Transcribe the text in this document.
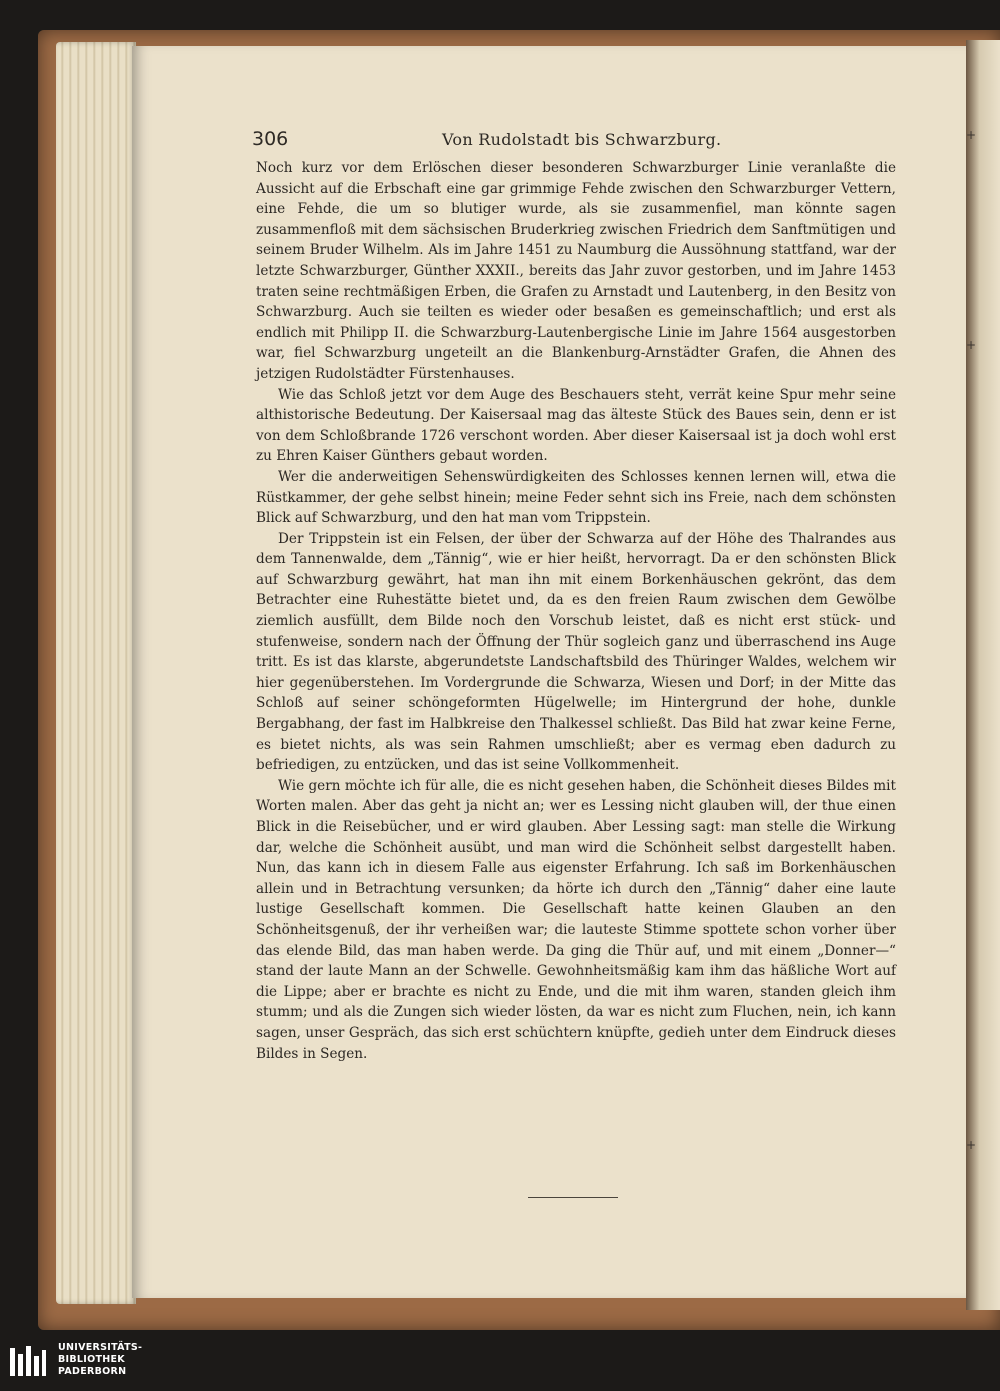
+
+
+
306	Von Rudolstadt bis Schwarzburg.

Noch kurz vor dem Erlöschen dieser besonderen Schwarzburger Linie veranlaßte die Aussicht auf die Erbschaft eine gar grimmige Fehde zwischen den Schwarzburger Vettern, eine Fehde, die um so blutiger wurde, als sie zusammenfiel, man könnte sagen zusammenfloß mit dem sächsischen Bruderkrieg zwischen Friedrich dem Sanftmütigen und seinem Bruder Wilhelm. Als im Jahre 1451 zu Naumburg die Aussöhnung stattfand, war der letzte Schwarzburger, Günther XXXII., bereits das Jahr zuvor gestorben, und im Jahre 1453 traten seine rechtmäßigen Erben, die Grafen zu Arnstadt und Lautenberg, in den Besitz von Schwarzburg. Auch sie teilten es wieder oder besaßen es gemeinschaftlich; und erst als endlich mit Philipp II. die Schwarzburg-Lautenbergische Linie im Jahre 1564 ausgestorben war, fiel Schwarzburg ungeteilt an die Blankenburg-Arnstädter Grafen, die Ahnen des jetzigen Rudolstädter Fürstenhauses.

Wie das Schloß jetzt vor dem Auge des Beschauers steht, verrät keine Spur mehr seine althistorische Bedeutung. Der Kaisersaal mag das älteste Stück des Baues sein, denn er ist von dem Schloßbrande 1726 verschont worden. Aber dieser Kaisersaal ist ja doch wohl erst zu Ehren Kaiser Günthers gebaut worden.

Wer die anderweitigen Sehenswürdigkeiten des Schlosses kennen lernen will, etwa die Rüstkammer, der gehe selbst hinein; meine Feder sehnt sich ins Freie, nach dem schönsten Blick auf Schwarzburg, und den hat man vom Trippstein.

Der Trippstein ist ein Felsen, der über der Schwarza auf der Höhe des Thalrandes aus dem Tannenwalde, dem „Tännig“, wie er hier heißt, hervorragt. Da er den schönsten Blick auf Schwarzburg gewährt, hat man ihn mit einem Borkenhäuschen gekrönt, das dem Betrachter eine Ruhestätte bietet und, da es den freien Raum zwischen dem Gewölbe ziemlich ausfüllt, dem Bilde noch den Vorschub leistet, daß es nicht erst stück- und stufenweise, sondern nach der Öffnung der Thür sogleich ganz und überraschend ins Auge tritt. Es ist das klarste, abgerundetste Landschaftsbild des Thüringer Waldes, welchem wir hier gegenüberstehen. Im Vordergrunde die Schwarza, Wiesen und Dorf; in der Mitte das Schloß auf seiner schöngeformten Hügelwelle; im Hintergrund der hohe, dunkle Bergabhang, der fast im Halbkreise den Thalkessel schließt. Das Bild hat zwar keine Ferne, es bietet nichts, als was sein Rahmen umschließt; aber es vermag eben dadurch zu befriedigen, zu entzücken, und das ist seine Vollkommenheit.

Wie gern möchte ich für alle, die es nicht gesehen haben, die Schönheit dieses Bildes mit Worten malen. Aber das geht ja nicht an; wer es Lessing nicht glauben will, der thue einen Blick in die Reisebücher, und er wird glauben. Aber Lessing sagt: man stelle die Wirkung dar, welche die Schönheit ausübt, und man wird die Schönheit selbst dargestellt haben. Nun, das kann ich in diesem Falle aus eigenster Erfahrung. Ich saß im Borkenhäuschen allein und in Betrachtung versunken; da hörte ich durch den „Tännig“ daher eine laute lustige Gesellschaft kommen. Die Gesellschaft hatte keinen Glauben an den Schönheitsgenuß, der ihr verheißen war; die lauteste Stimme spottete schon vorher über das elende Bild, das man haben werde. Da ging die Thür auf, und mit einem „Donner—“ stand der laute Mann an der Schwelle. Gewohnheitsmäßig kam ihm das häßliche Wort auf die Lippe; aber er brachte es nicht zu Ende, und die mit ihm waren, standen gleich ihm stumm; und als die Zungen sich wieder lösten, da war es nicht zum Fluchen, nein, ich kann sagen, unser Gespräch, das sich erst schüchtern knüpfte, gedieh unter dem Eindruck dieses Bildes in Segen.

UNIVERSITÄTS-
BIBLIOTHEK
PADERBORN
